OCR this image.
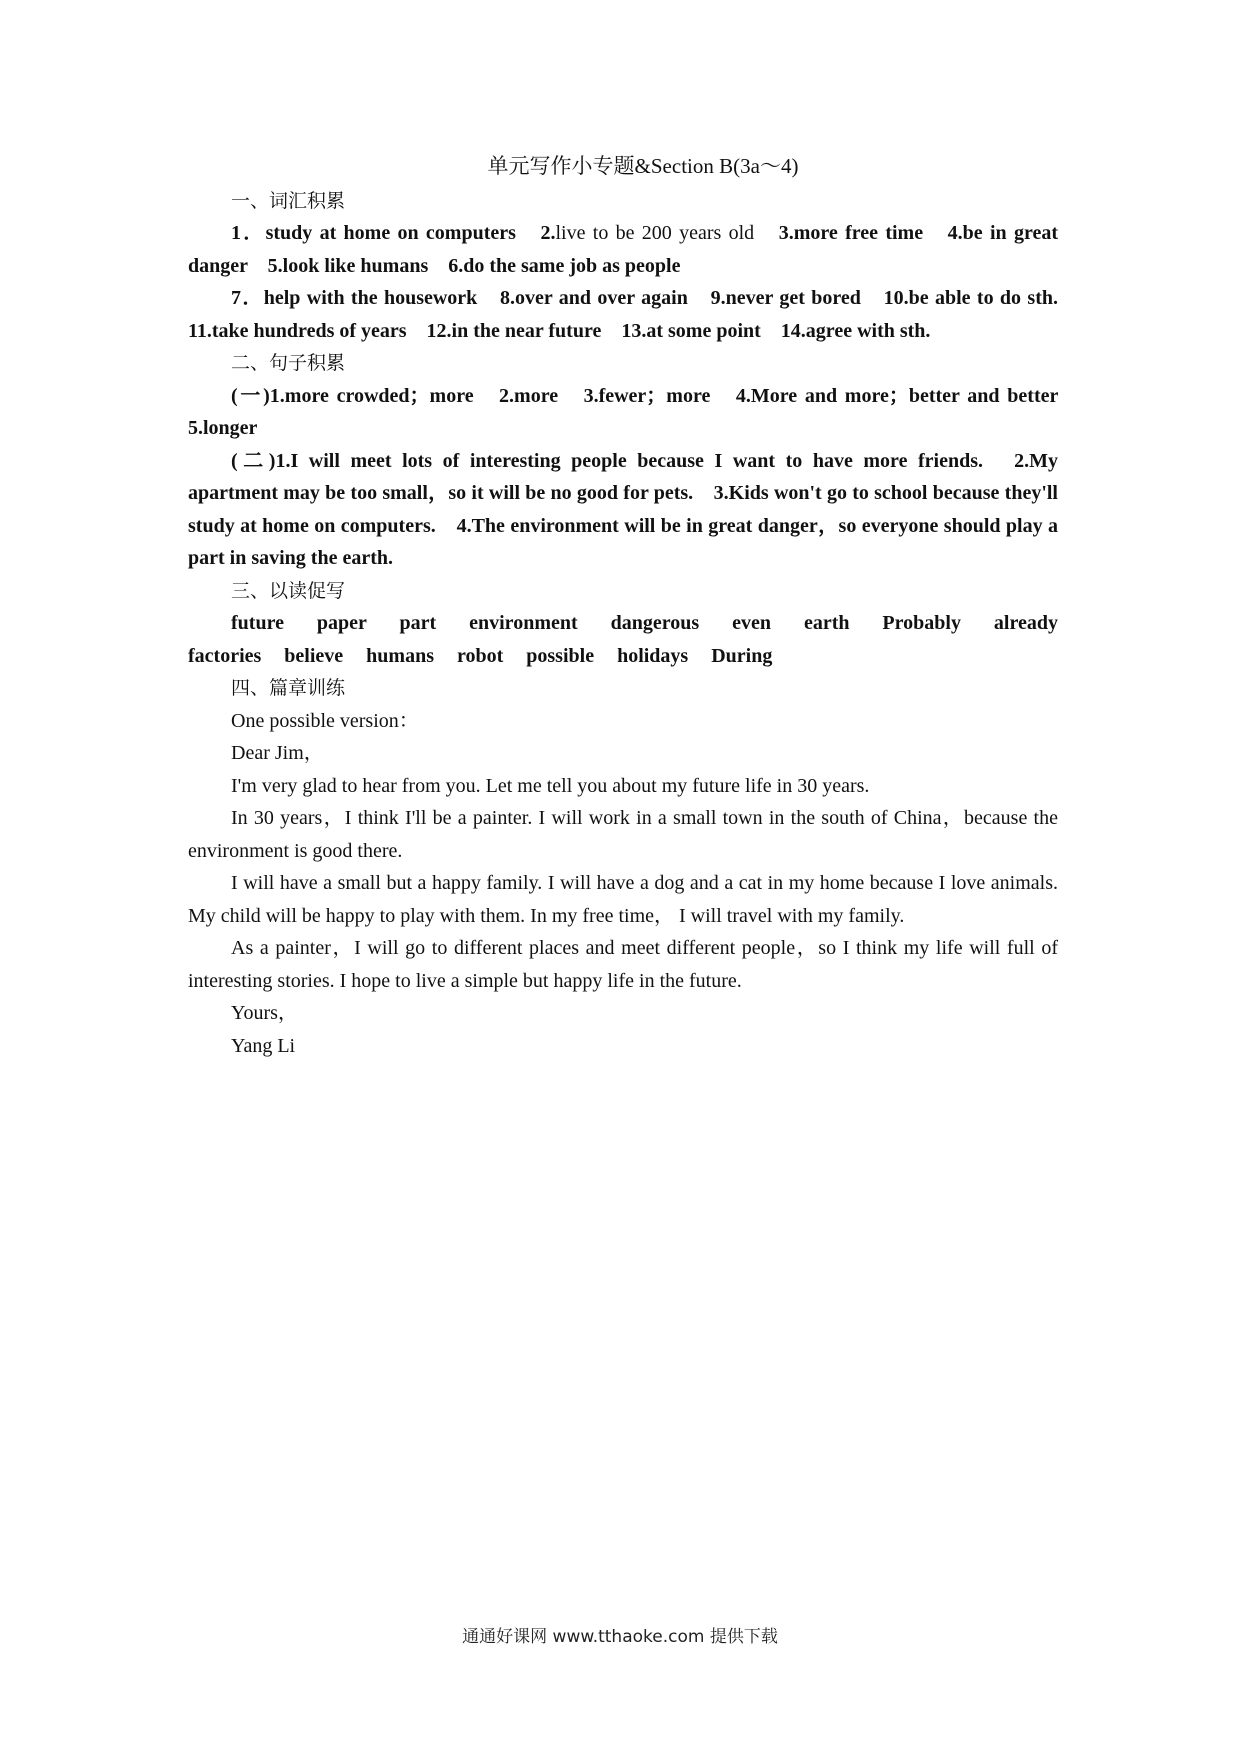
单元写作小专题&Section B(3a～4)
一、词汇积累

1．study at home on computers　2.live to be 200 years old　3.more free time　4.be in great danger　5.look like humans　6.do the same job as people

7．help with the housework　8.over and over again　9.never get bored　10.be able to do sth.　11.take hundreds of years　12.in the near future　13.at some point　14.agree with sth.

二、句子积累

(一)1.more crowded；more　2.more　3.fewer；more　4.More and more；better and better　5.longer

(二)1.I will meet lots of interesting people because I want to have more friends.　2.My apartment may be too small，so it will be no good for pets.　3.Kids won't go to school because they'll study at home on computers.　4.The environment will be in great danger，so everyone should play a part in saving the earth.

三、以读促写
future paper part environment dangerous even earth Probably already
factories believe humans robot possible holidays During
四、篇章训练

One possible version：

Dear Jim，

I'm very glad to hear from you. Let me tell you about my future life in 30 years.

In 30 years，I think I'll be a painter. I will work in a small town in the south of China，because the environment is good there.

I will have a small but a happy family. I will have a dog and a cat in my home because I love animals. My child will be happy to play with them. In my free time， I will travel with my family.

As a painter，I will go to different places and meet different people，so I think my life will full of interesting stories. I hope to live a simple but happy life in the future.

Yours，

Yang Li

通通好课网 www.tthaoke.com 提供下载
